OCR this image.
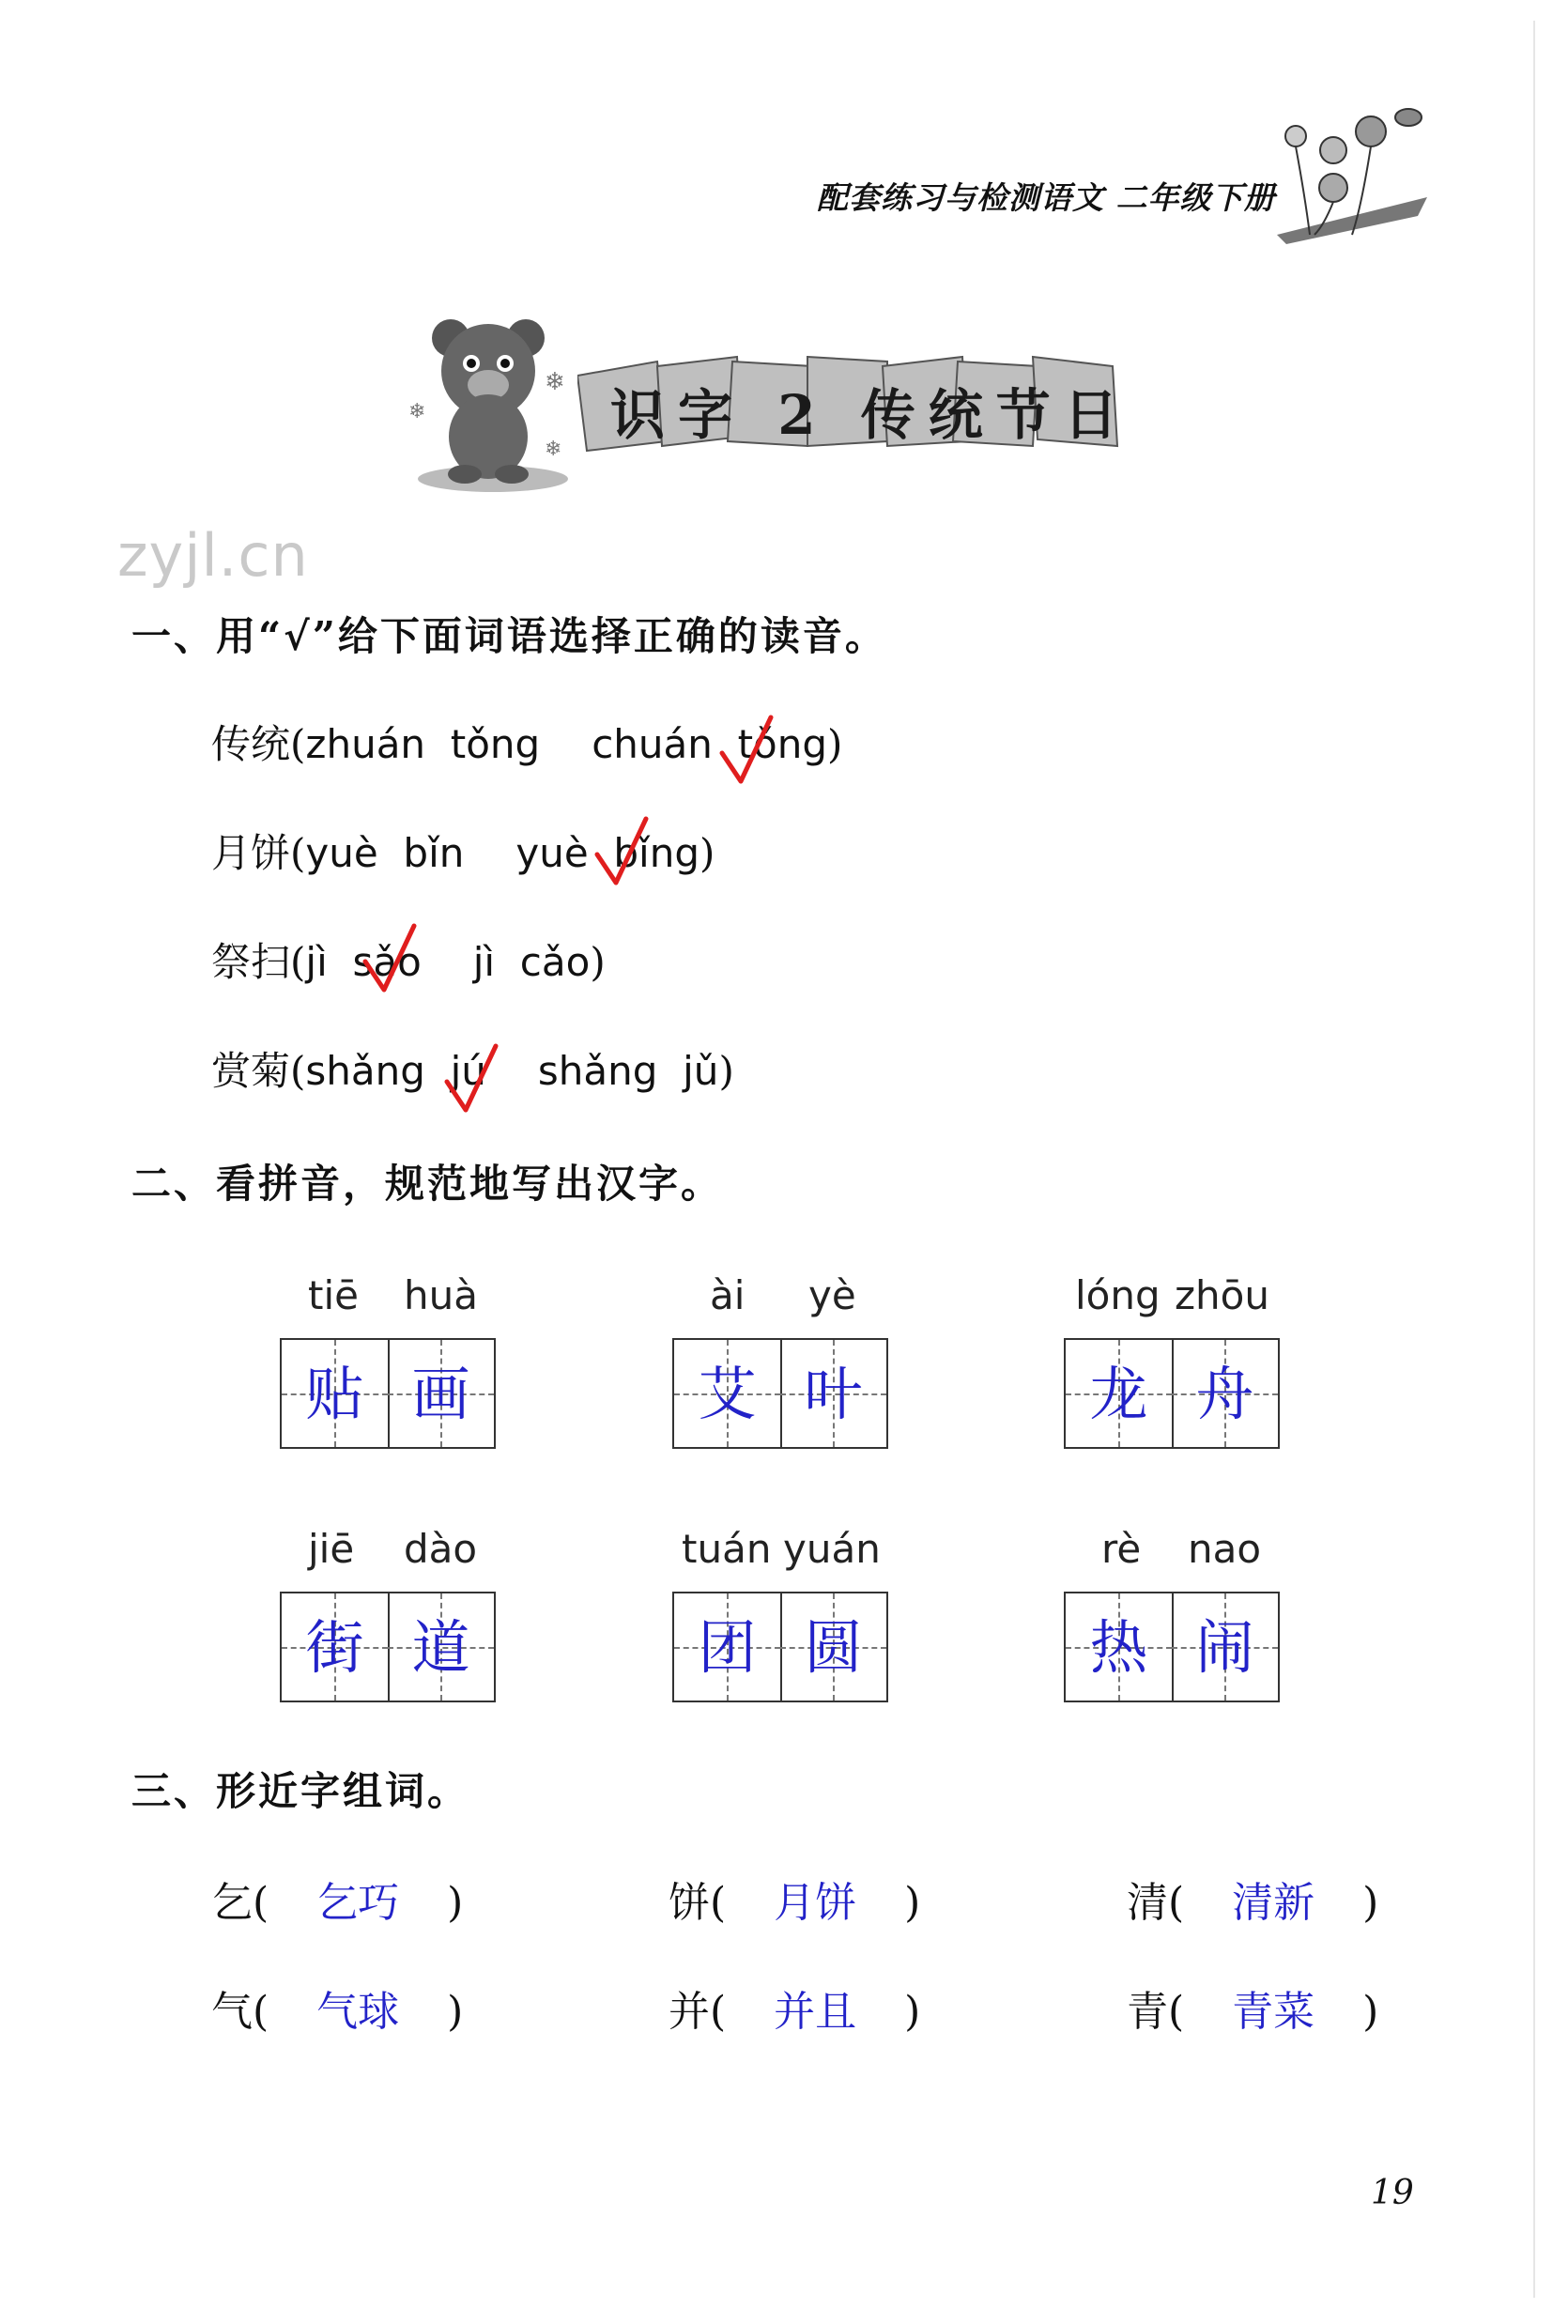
配套练习与检测语文 二年级下册
❄
❄
❄
识字 2 传统节日
zyjl.cn
一、用“√”给下面词语选择正确的读音。
传统(zhuán  tǒng chuán  tǒng)
月饼(yuè  bǐn yuè  bǐng)
祭扫(jì  sǎo jì  cǎo)
赏菊(shǎng  jú shǎng  jǔ)
二、看拼音，规范地写出汉字。
tiē huà
贴 画
ài yè
艾 叶
lóng zhōu
龙 舟
jiē dào
街 道
tuán yuán
团 圆
rè nao
热 闹
三、形近字组词。
乞( 乞巧 )	饼( 月饼 )	清( 清新 )
气( 气球 )	并( 并且 )	青( 青菜 )
19
